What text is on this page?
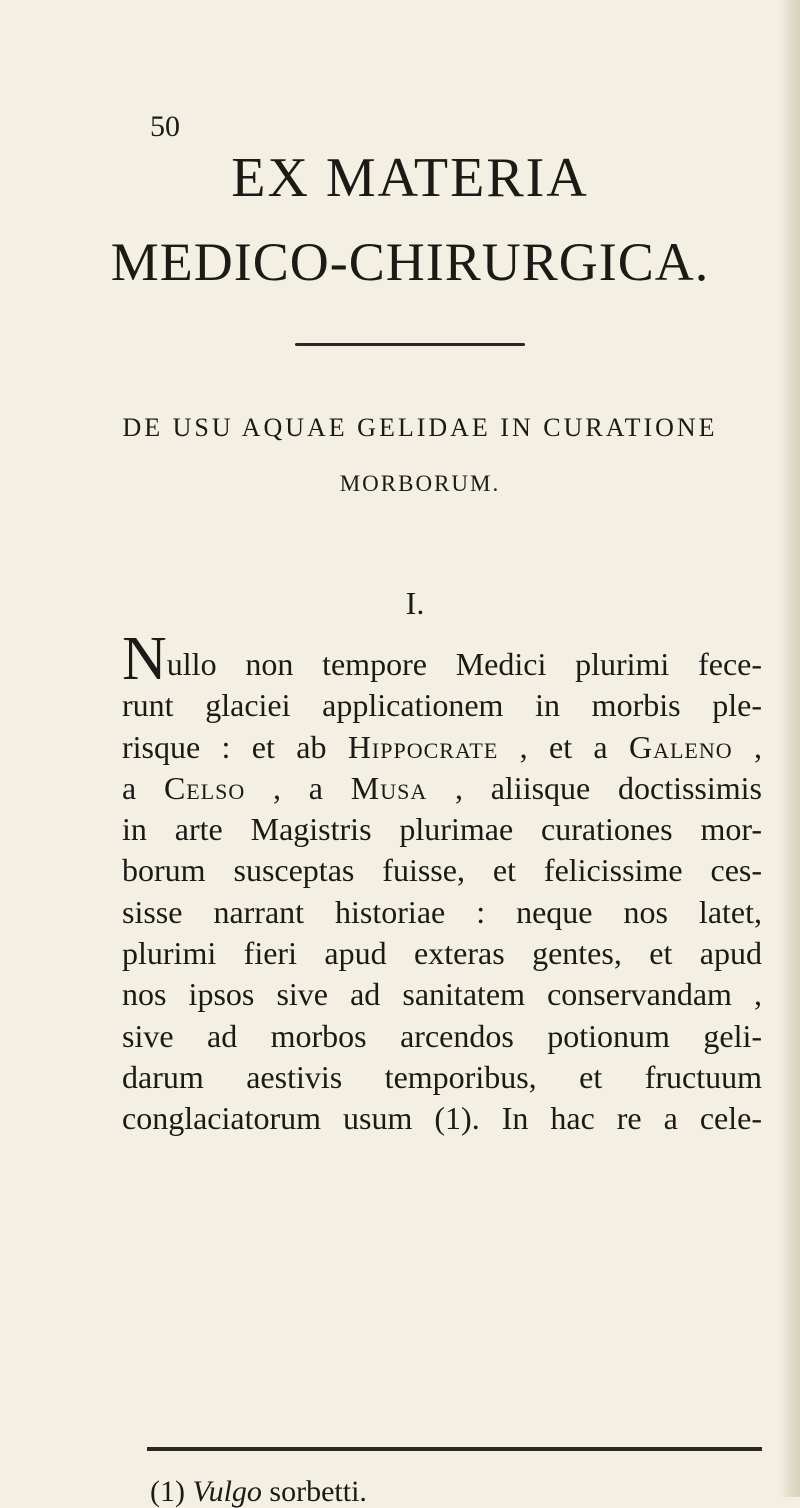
50
EX MATERIA
MEDICO-CHIRURGICA.
DE USU AQUAE GELIDAE IN CURATIONE
MORBORUM.
I.
Nullo non tempore Medici plurimi fece-
runt glaciei applicationem in morbis ple-
risque : et ab Hippocrate , et a Galeno ,
a Celso , a Musa , aliisque doctissimis
in arte Magistris plurimae curationes mor-
borum susceptas fuisse, et felicissime ces-
sisse narrant historiae : neque nos latet,
plurimi fieri apud exteras gentes, et apud
nos ipsos sive ad sanitatem conservandam ,
sive ad morbos arcendos potionum geli-
darum aestivis temporibus, et fructuum
conglaciatorum usum (1). In hac re a cele-
(1) Vulgo sorbetti.
